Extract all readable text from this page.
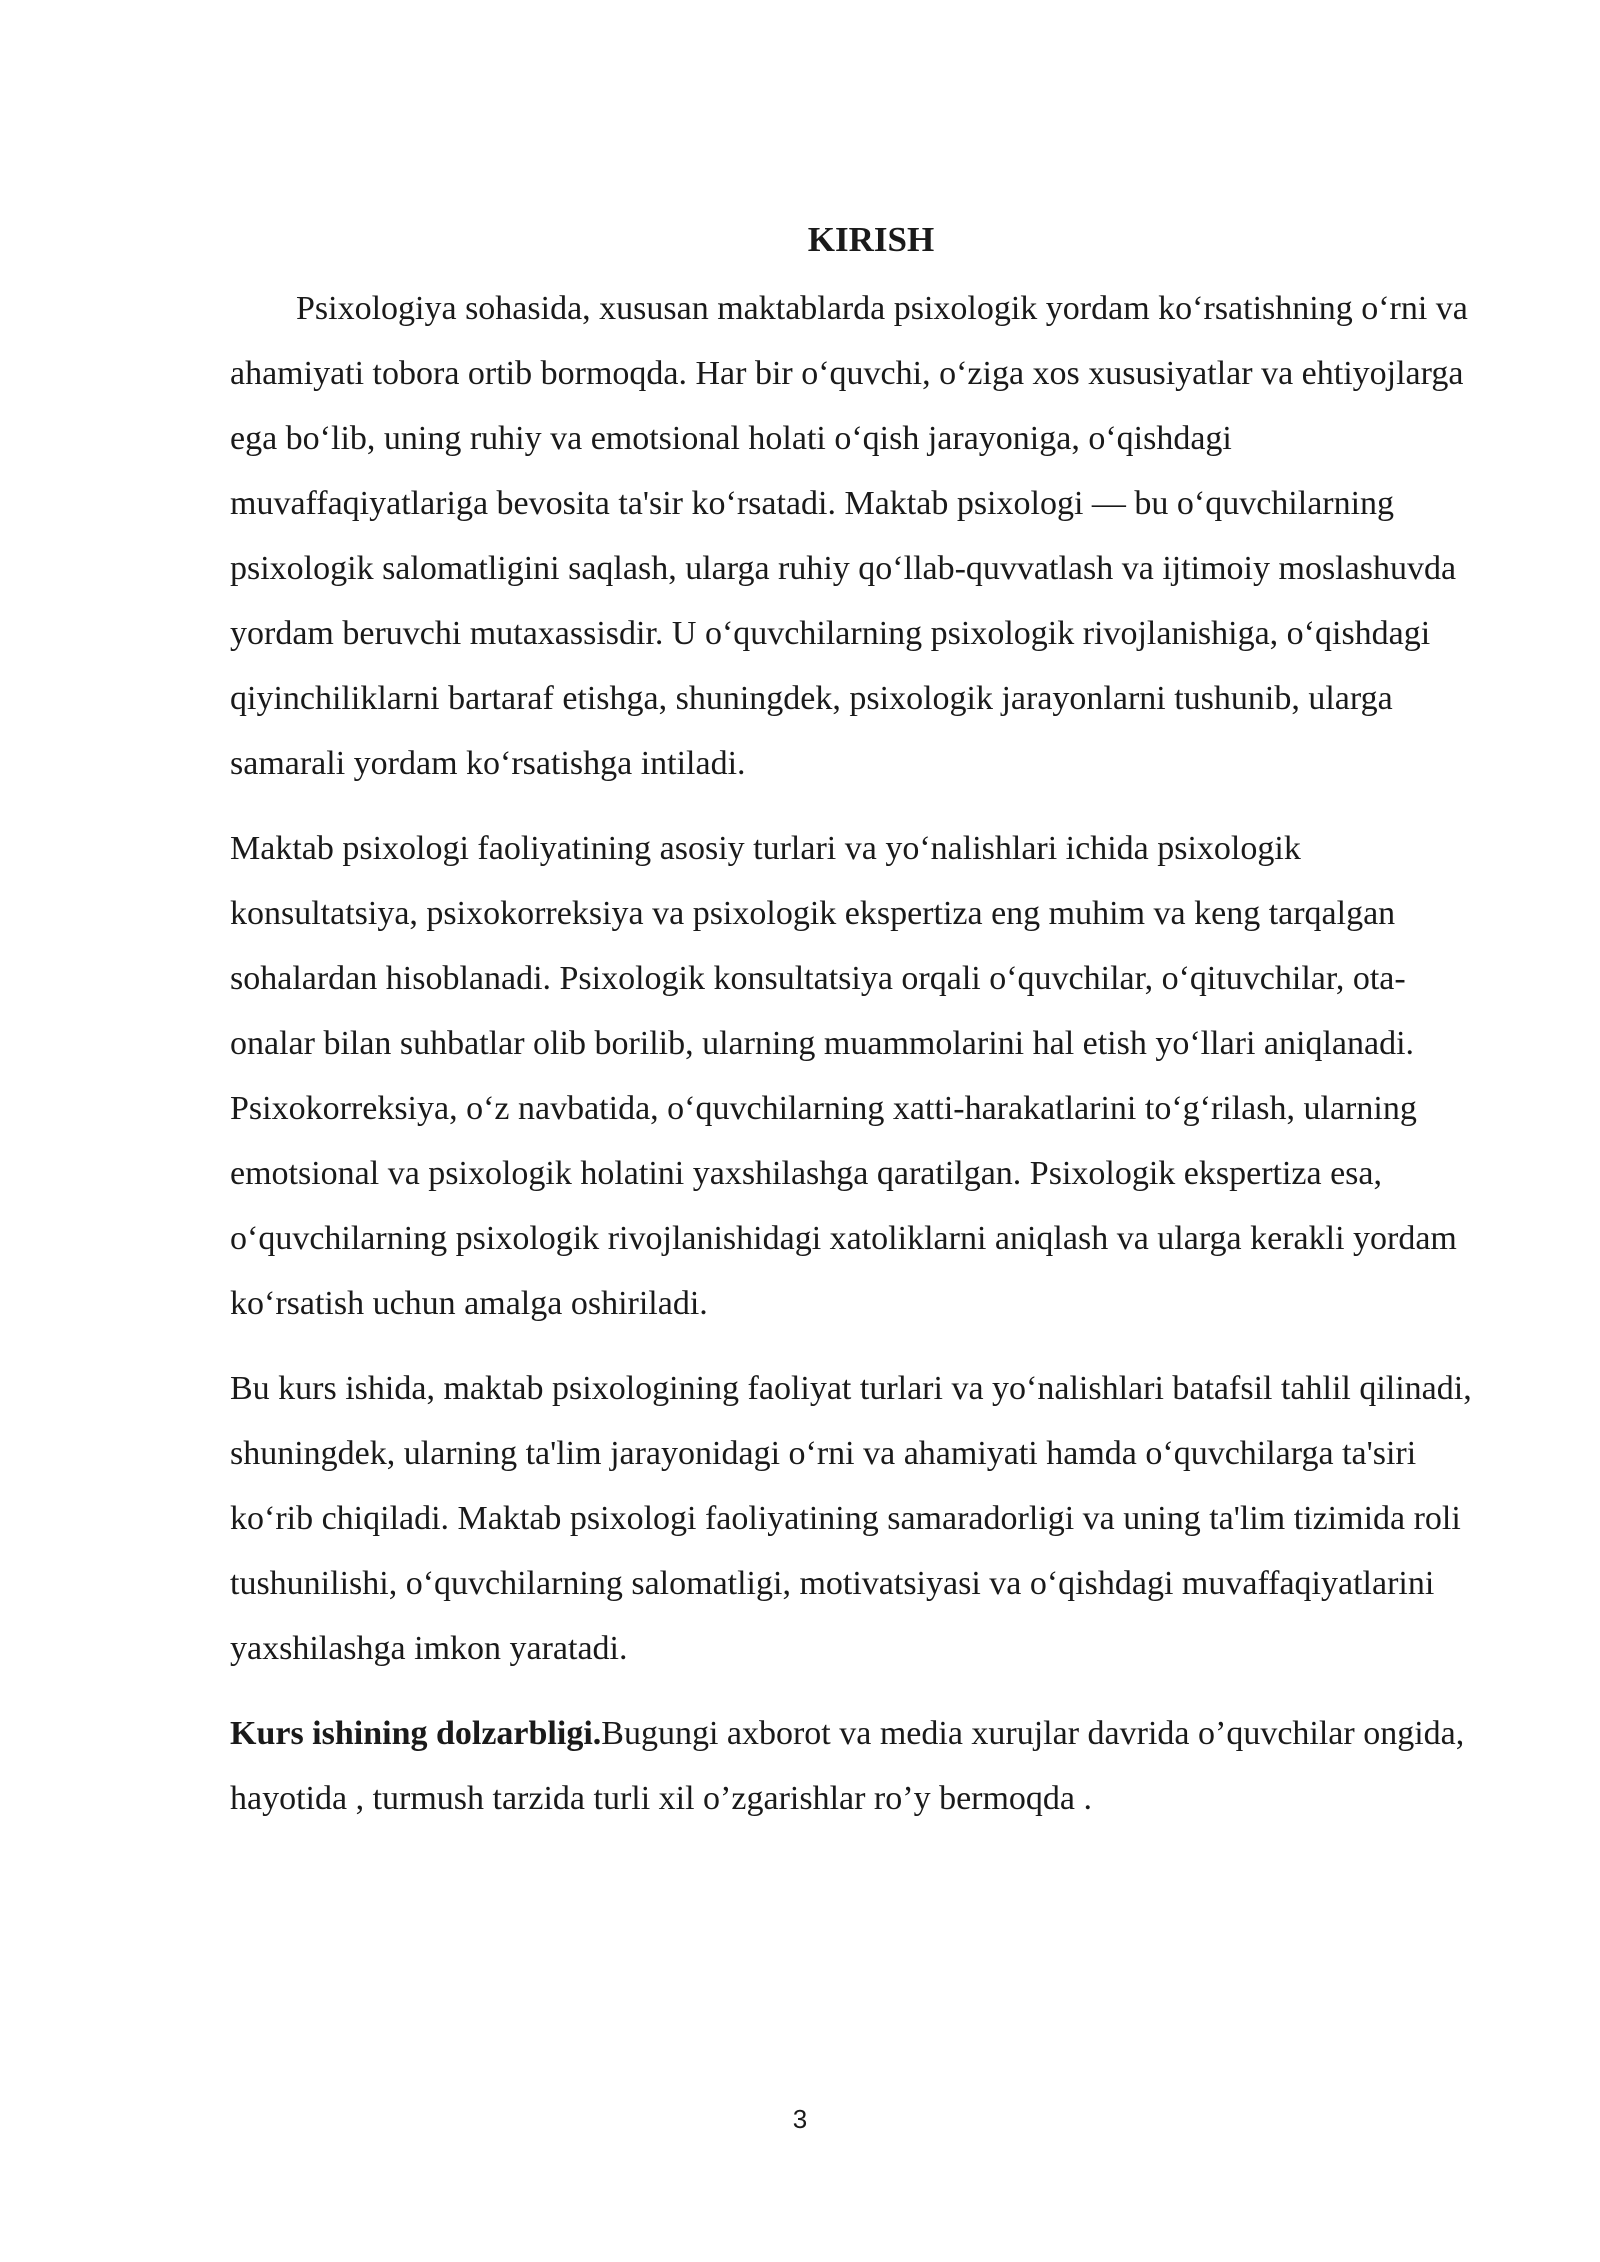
KIRISH

Psixologiya sohasida, xususan maktablarda psixologik yordam ko‘rsatishning o‘rni va ahamiyati tobora ortib bormoqda. Har bir o‘quvchi, o‘ziga xos xususiyatlar va ehtiyojlarga ega bo‘lib, uning ruhiy va emotsional holati o‘qish jarayoniga, o‘qishdagi muvaffaqiyatlariga bevosita ta'sir ko‘rsatadi. Maktab psixologi — bu o‘quvchilarning psixologik salomatligini saqlash, ularga ruhiy qo‘llab-quvvatlash va ijtimoiy moslashuvda yordam beruvchi mutaxassisdir. U o‘quvchilarning psixologik rivojlanishiga, o‘qishdagi qiyinchiliklarni bartaraf etishga, shuningdek, psixologik jarayonlarni tushunib, ularga samarali yordam ko‘rsatishga intiladi.

Maktab psixologi faoliyatining asosiy turlari va yo‘nalishlari ichida psixologik konsultatsiya, psixokorreksiya va psixologik ekspertiza eng muhim va keng tarqalgan sohalardan hisoblanadi. Psixologik konsultatsiya orqali o‘quvchilar, o‘qituvchilar, ota-onalar bilan suhbatlar olib borilib, ularning muammolarini hal etish yo‘llari aniqlanadi. Psixokorreksiya, o‘z navbatida, o‘quvchilarning xatti-harakatlarini to‘g‘rilash, ularning emotsional va psixologik holatini yaxshilashga qaratilgan. Psixologik ekspertiza esa, o‘quvchilarning psixologik rivojlanishidagi xatoliklarni aniqlash va ularga kerakli yordam ko‘rsatish uchun amalga oshiriladi.

Bu kurs ishida, maktab psixologining faoliyat turlari va yo‘nalishlari batafsil tahlil qilinadi, shuningdek, ularning ta'lim jarayonidagi o‘rni va ahamiyati hamda o‘quvchilarga ta'siri ko‘rib chiqiladi. Maktab psixologi faoliyatining samaradorligi va uning ta'lim tizimida roli tushunilishi, o‘quvchilarning salomatligi, motivatsiyasi va o‘qishdagi muvaffaqiyatlarini yaxshilashga imkon yaratadi.

Kurs ishining dolzarbligi.Bugungi axborot va media xurujlar davrida o’quvchilar ongida, hayotida , turmush tarzida turli xil o’zgarishlar ro’y bermoqda .

3
